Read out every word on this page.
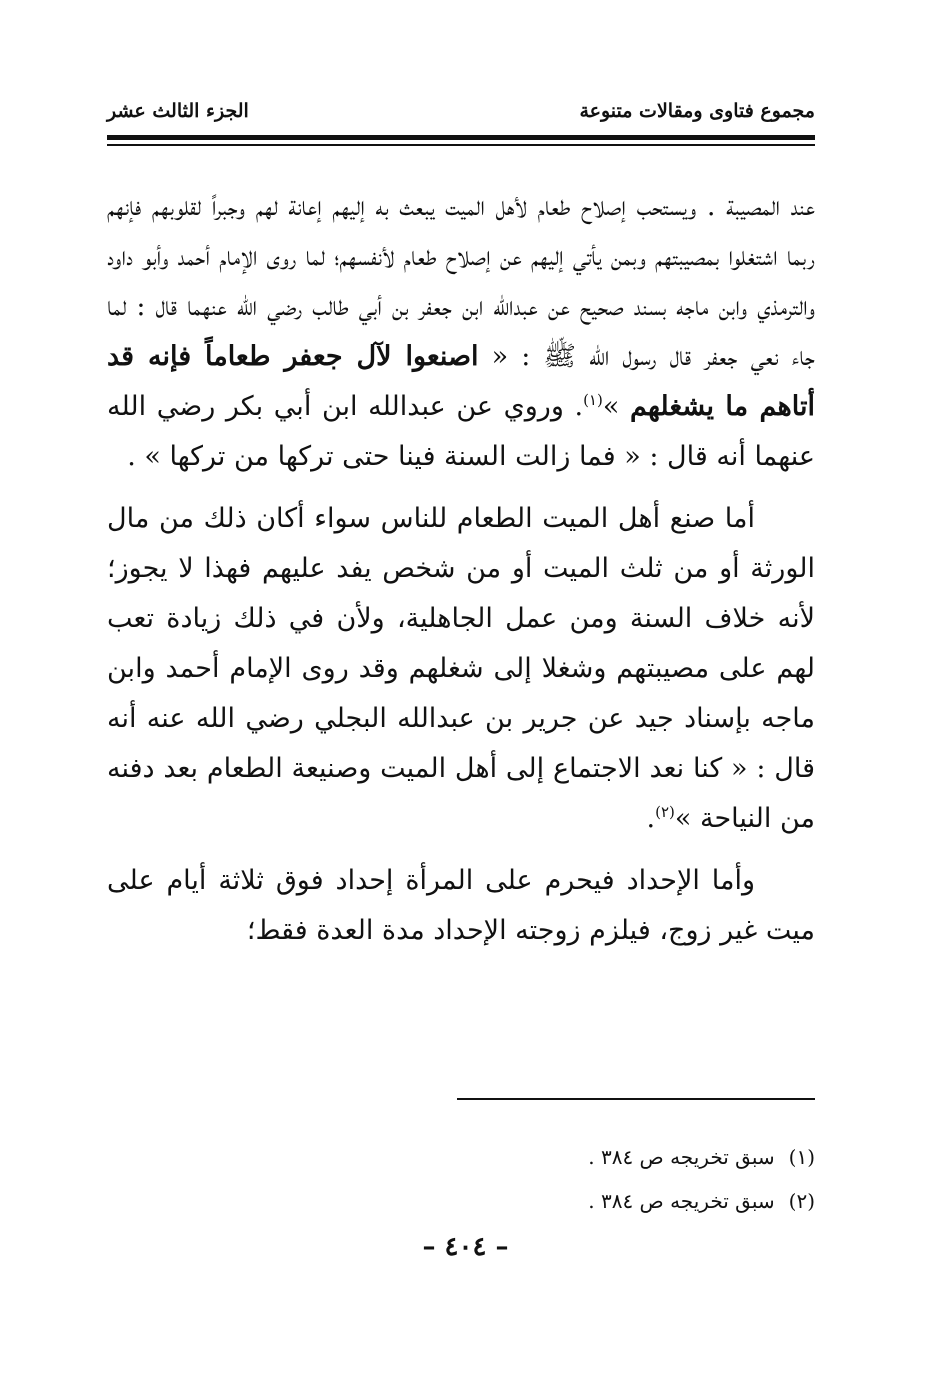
مجموع فتاوى ومقالات متنوعة
الجزء الثالث عشر

عند المصيبة . ويستحب إصلاح طعام لأهل الميت يبعث به إليهم إعانة لهم وجبراً لقلوبهم فإنهم ربما اشتغلوا بمصيبتهم وبمن يأتي إليهم عن إصلاح طعام لأنفسهم؛ لما روى الإمام أحمد وأبو داود والترمذي وابن ماجه بسند صحيح عن عبدالله ابن جعفر بن أبي طالب رضي الله عنهما قال : لما جاء نعي جعفر قال رسول الله ﷺ : « اصنعوا لآل جعفر طعاماً فإنه قد أتاهم ما يشغلهم »$^{(١)}$. وروي عن عبدالله ابن أبي بكر رضي الله عنهما أنه قال : « فما زالت السنة فينا حتى تركها من تركها » .

أما صنع أهل الميت الطعام للناس سواء أكان ذلك من مال الورثة أو من ثلث الميت أو من شخص يفد عليهم فهذا لا يجوز؛ لأنه خلاف السنة ومن عمل الجاهلية، ولأن في ذلك زيادة تعب لهم على مصيبتهم وشغلا إلى شغلهم وقد روى الإمام أحمد وابن ماجه بإسناد جيد عن جرير بن عبدالله البجلي رضي الله عنه أنه قال : « كنا نعد الاجتماع إلى أهل الميت وصنيعة الطعام بعد دفنه من النياحة »$^{(٢)}$.

وأما الإحداد فيحرم على المرأة إحداد فوق ثلاثة أيام على ميت غير زوج، فيلزم زوجته الإحداد مدة العدة فقط؛

(١)
سبق تخريجه ص ٣٨٤ .
(٢)
سبق تخريجه ص ٣٨٤ .
– ٤٠٤ –
